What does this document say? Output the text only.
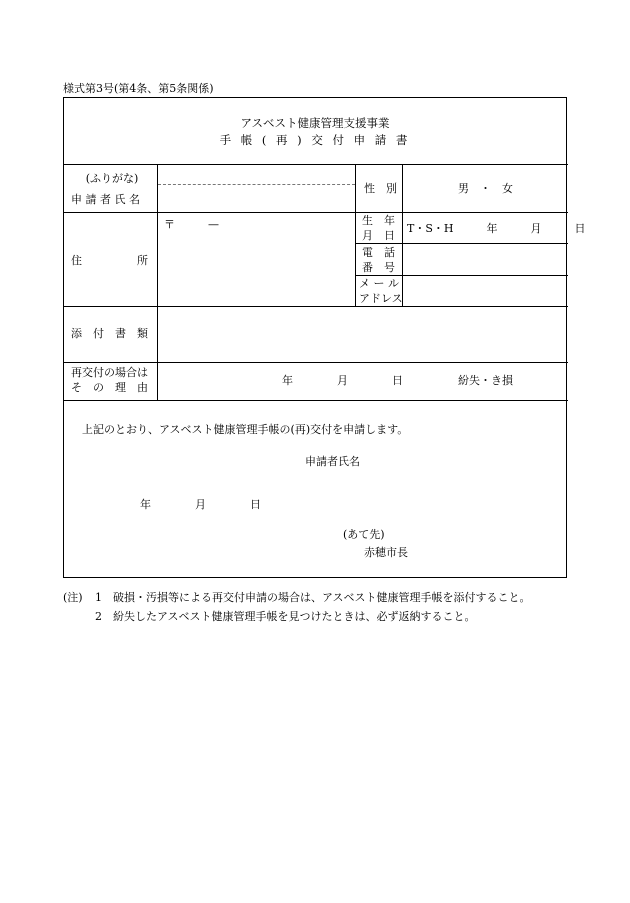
様式第3号(第4条、第5条関係)
アスベスト健康管理支援事業
手 帳 ( 再 ) 交 付 申 請 書
(ふりがな)
申 請 者 氏 名
性　別	男　・　女
住　　　　　所
〒　　　—	生　年
月　日
T・S・H　　　年　　　月　　　日
電　話
番　号
メ ー ル
アドレス
添　付　書　類
再交付の場合は
そ　の　理　由
年　　　　月　　　　日　　　　　紛失・き損
上記のとおり、アスベスト健康管理手帳の(再)交付を申請します。
申請者氏名
年　　　　月　　　　日
(あて先)
赤穂市長
(注) 1 破損・汚損等による再交付申請の場合は、アスベスト健康管理手帳を添付すること。
2 紛失したアスベスト健康管理手帳を見つけたときは、必ず返納すること。
